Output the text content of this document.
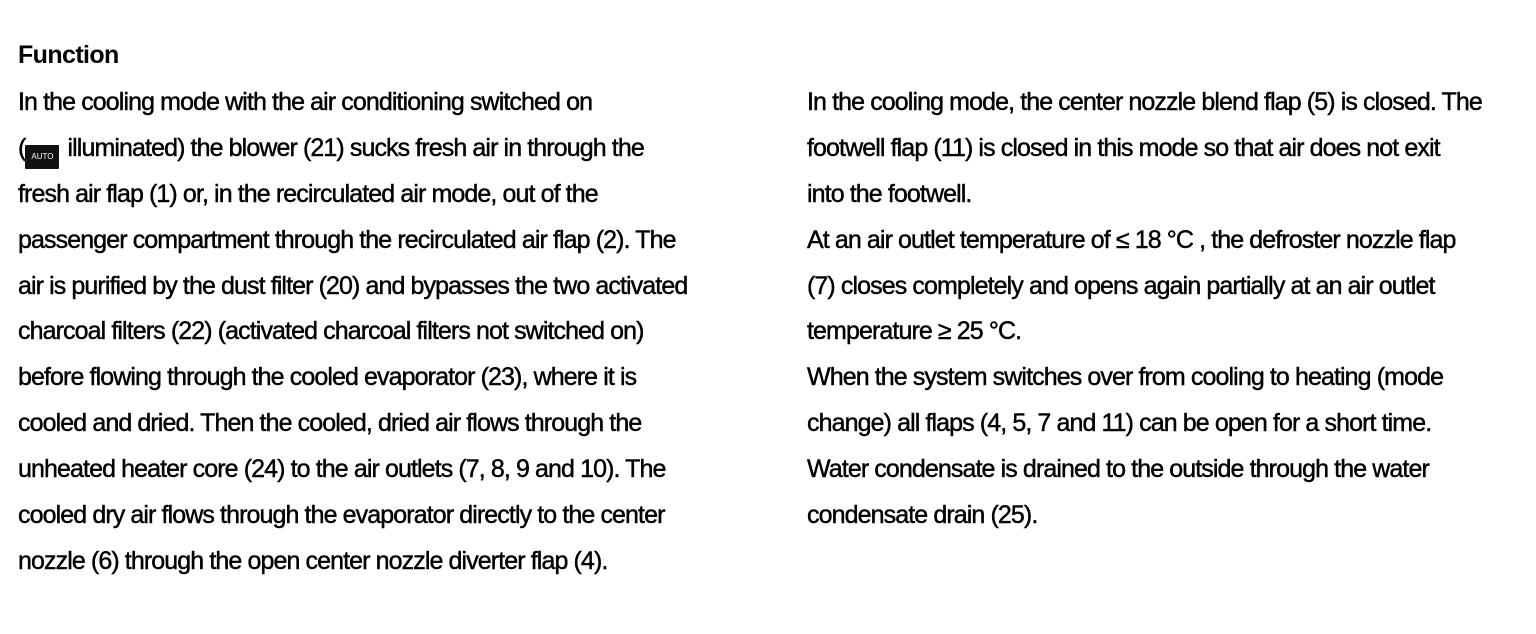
Function
In the cooling mode with the air conditioning switched on
( AUTO illuminated) the blower (21) sucks fresh air in through the
fresh air flap (1) or, in the recirculated air mode, out of the
passenger compartment through the recirculated air flap (2). The
air is purified by the dust filter (20) and bypasses the two activated
charcoal filters (22) (activated charcoal filters not switched on)
before flowing through the cooled evaporator (23), where it is
cooled and dried. Then the cooled, dried air flows through the
unheated heater core (24) to the air outlets (7, 8, 9 and 10). The
cooled dry air flows through the evaporator directly to the center
nozzle (6) through the open center nozzle diverter flap (4).
In the cooling mode, the center nozzle blend flap (5) is closed. The
footwell flap (11) is closed in this mode so that air does not exit
into the footwell.
At an air outlet temperature of ≤ 18 °C , the defroster nozzle flap
(7) closes completely and opens again partially at an air outlet
temperature ≥ 25 °C.
When the system switches over from cooling to heating (mode
change) all flaps (4, 5, 7 and 11) can be open for a short time.
Water condensate is drained to the outside through the water
condensate drain (25).
